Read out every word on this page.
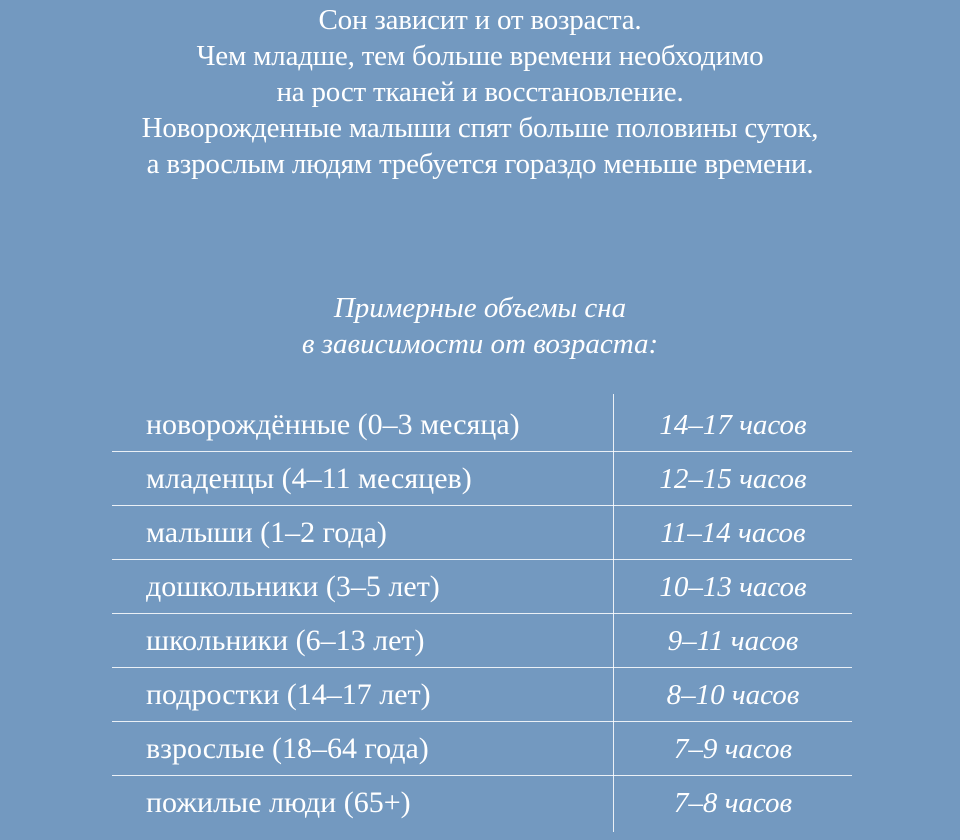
Сон зависит и от возраста.
Чем младше, тем больше времени необходимо
на рост тканей и восстановление.
Новорожденные малыши спят больше половины суток,
а взрослым людям требуется гораздо меньше времени.
Примерные объемы сна
в зависимости от возраста:
новорождённые (0–3 месяца)	14–17 часов
младенцы (4–11 месяцев)	12–15 часов
малыши (1–2 года)	11–14 часов
дошкольники (3–5 лет)	10–13 часов
школьники (6–13 лет)	9–11 часов
подростки (14–17 лет)	8–10 часов
взрослые (18–64 года)	7–9 часов
пожилые люди (65+)	7–8 часов
